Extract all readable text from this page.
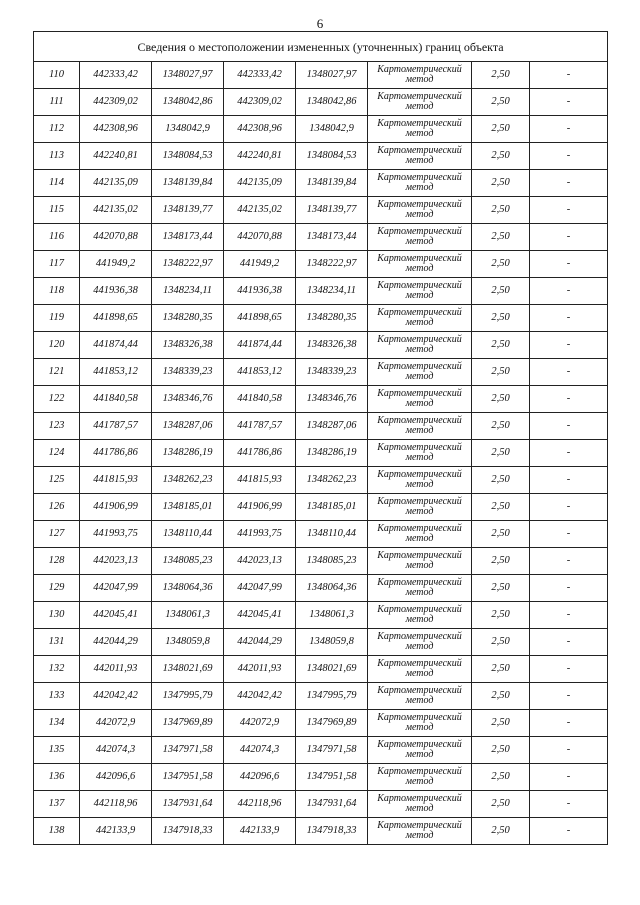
6
Сведения о местоположении измененных (уточненных) границ объекта							
110	442333,42	1348027,97	442333,42	1348027,97	Картометрический
метод	2,50	-
111	442309,02	1348042,86	442309,02	1348042,86	Картометрический
метод	2,50	-
112	442308,96	1348042,9	442308,96	1348042,9	Картометрический
метод	2,50	-
113	442240,81	1348084,53	442240,81	1348084,53	Картометрический
метод	2,50	-
114	442135,09	1348139,84	442135,09	1348139,84	Картометрический
метод	2,50	-
115	442135,02	1348139,77	442135,02	1348139,77	Картометрический
метод	2,50	-
116	442070,88	1348173,44	442070,88	1348173,44	Картометрический
метод	2,50	-
117	441949,2	1348222,97	441949,2	1348222,97	Картометрический
метод	2,50	-
118	441936,38	1348234,11	441936,38	1348234,11	Картометрический
метод	2,50	-
119	441898,65	1348280,35	441898,65	1348280,35	Картометрический
метод	2,50	-
120	441874,44	1348326,38	441874,44	1348326,38	Картометрический
метод	2,50	-
121	441853,12	1348339,23	441853,12	1348339,23	Картометрический
метод	2,50	-
122	441840,58	1348346,76	441840,58	1348346,76	Картометрический
метод	2,50	-
123	441787,57	1348287,06	441787,57	1348287,06	Картометрический
метод	2,50	-
124	441786,86	1348286,19	441786,86	1348286,19	Картометрический
метод	2,50	-
125	441815,93	1348262,23	441815,93	1348262,23	Картометрический
метод	2,50	-
126	441906,99	1348185,01	441906,99	1348185,01	Картометрический
метод	2,50	-
127	441993,75	1348110,44	441993,75	1348110,44	Картометрический
метод	2,50	-
128	442023,13	1348085,23	442023,13	1348085,23	Картометрический
метод	2,50	-
129	442047,99	1348064,36	442047,99	1348064,36	Картометрический
метод	2,50	-
130	442045,41	1348061,3	442045,41	1348061,3	Картометрический
метод	2,50	-
131	442044,29	1348059,8	442044,29	1348059,8	Картометрический
метод	2,50	-
132	442011,93	1348021,69	442011,93	1348021,69	Картометрический
метод	2,50	-
133	442042,42	1347995,79	442042,42	1347995,79	Картометрический
метод	2,50	-
134	442072,9	1347969,89	442072,9	1347969,89	Картометрический
метод	2,50	-
135	442074,3	1347971,58	442074,3	1347971,58	Картометрический
метод	2,50	-
136	442096,6	1347951,58	442096,6	1347951,58	Картометрический
метод	2,50	-
137	442118,96	1347931,64	442118,96	1347931,64	Картометрический
метод	2,50	-
138	442133,9	1347918,33	442133,9	1347918,33	Картометрический
метод	2,50	-
